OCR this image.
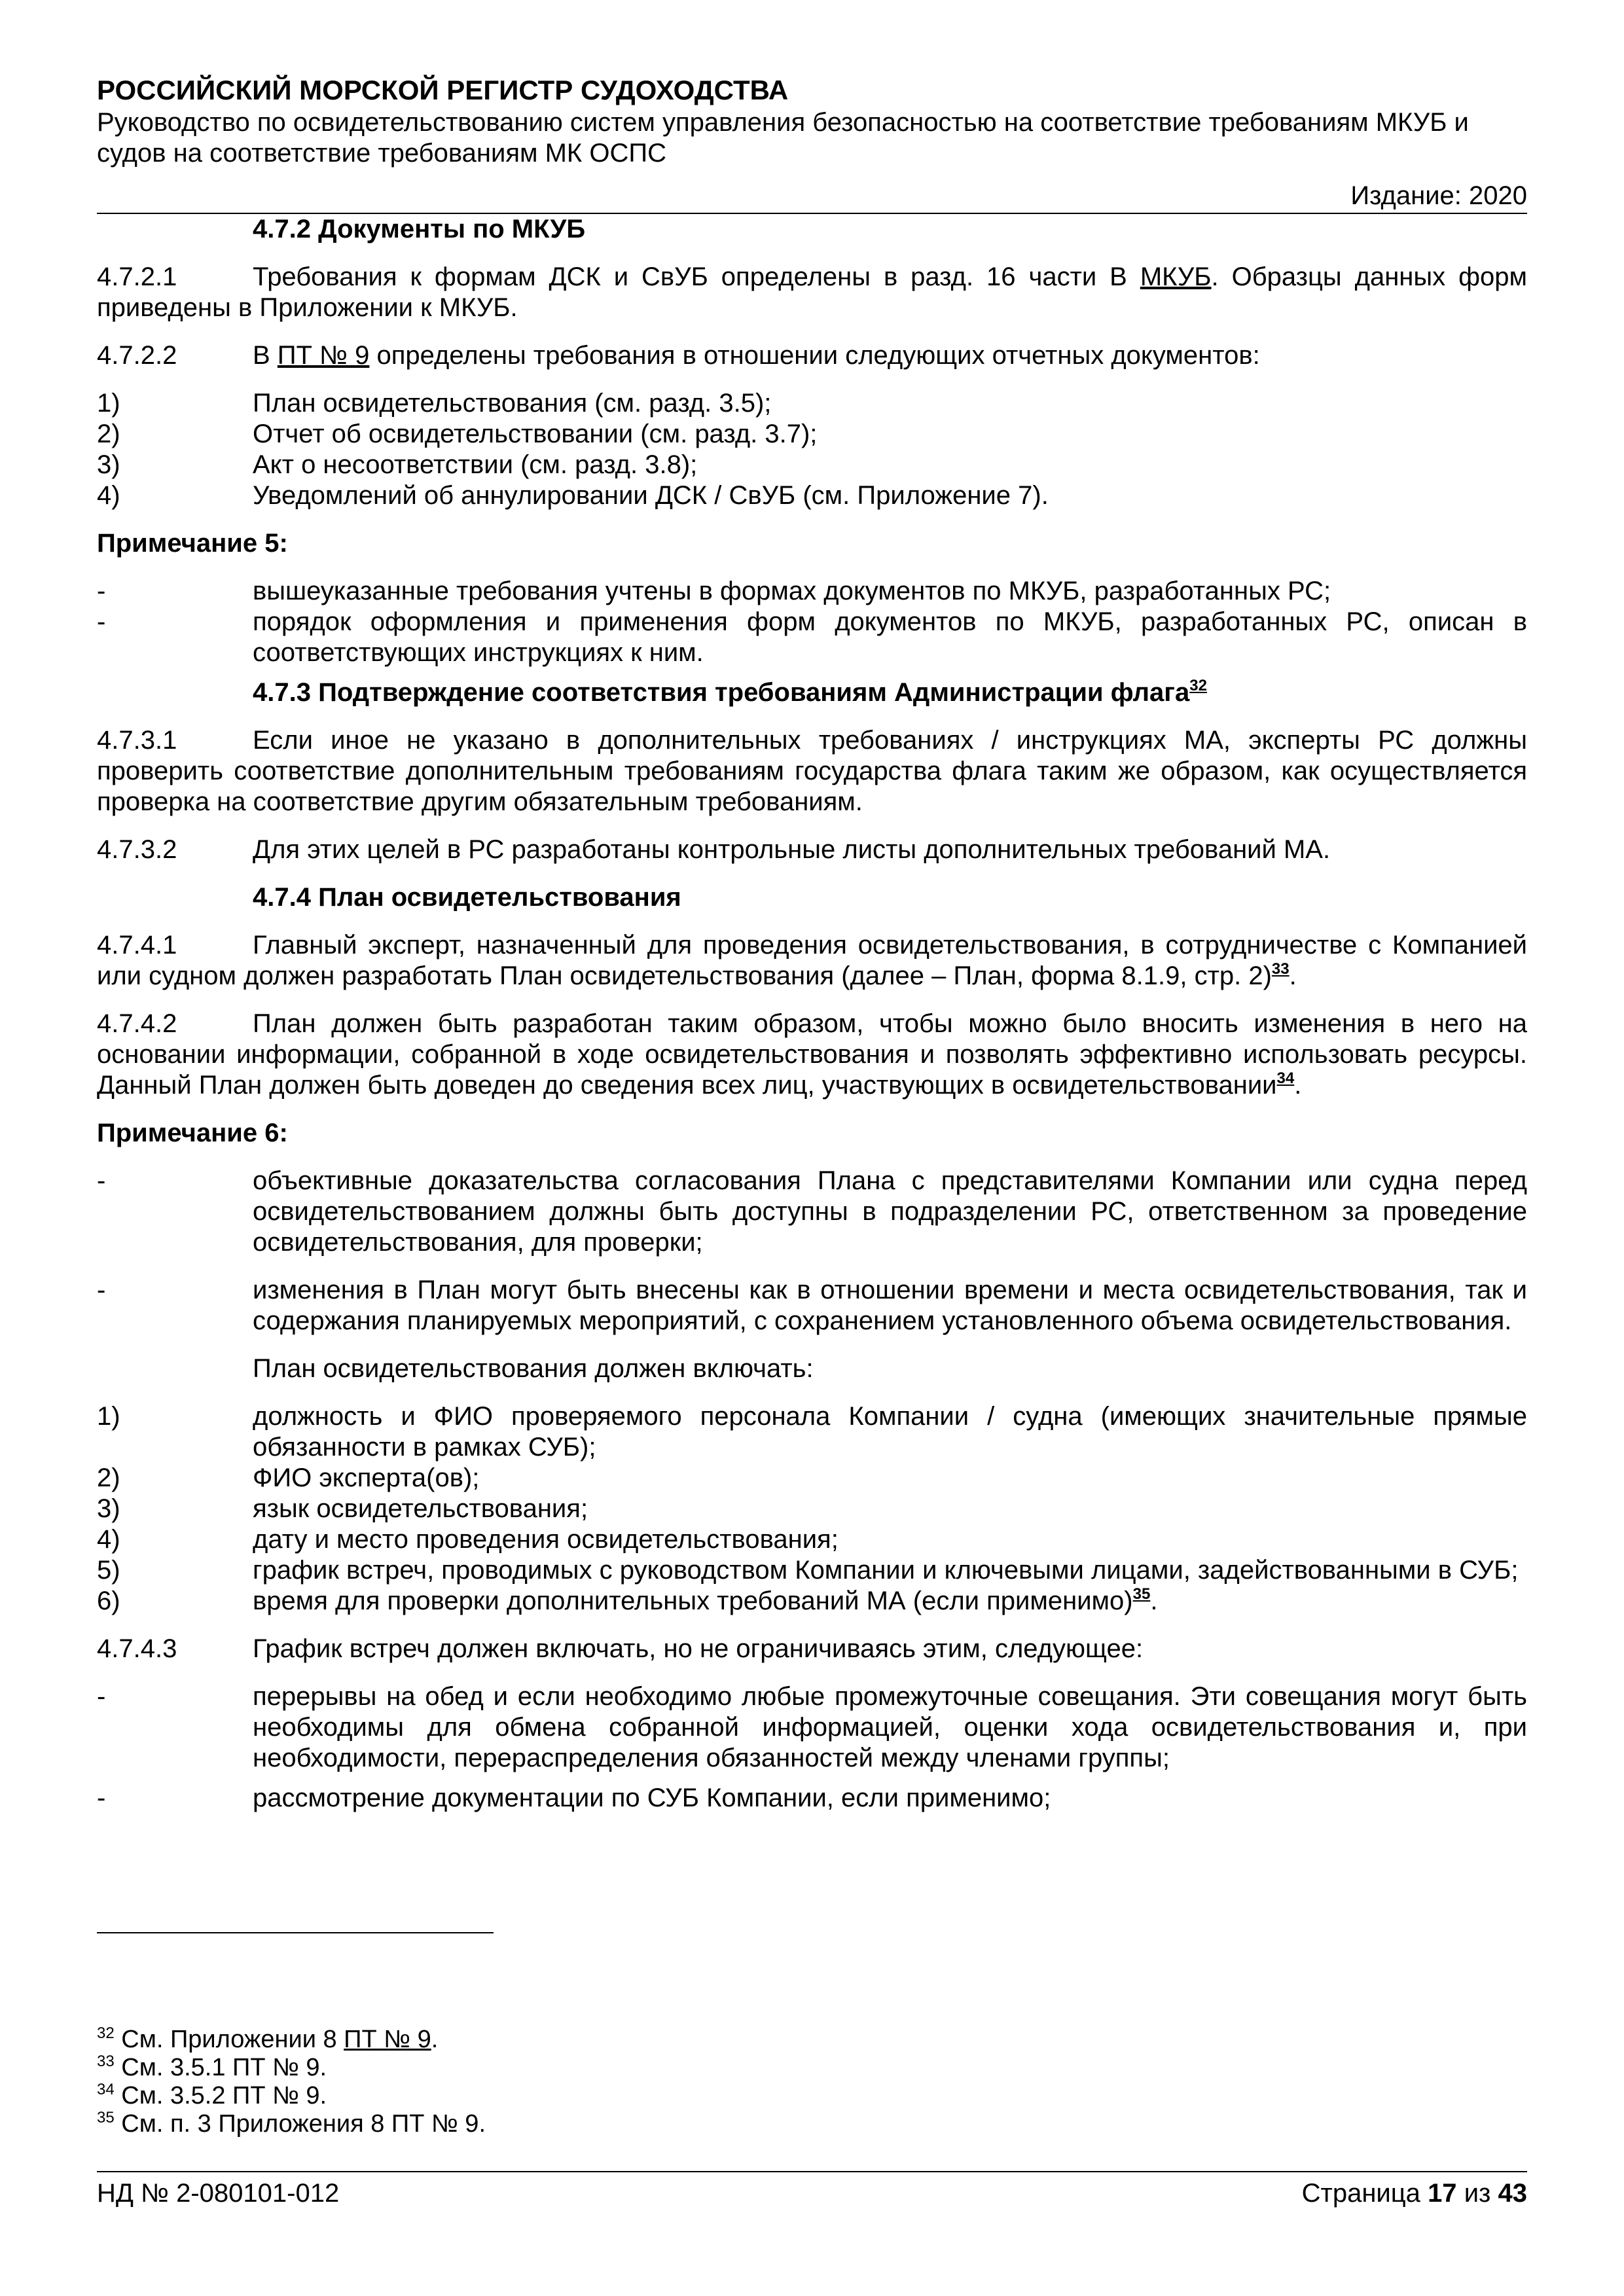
РОССИЙСКИЙ МОРСКОЙ РЕГИСТР СУДОХОДСТВА
Руководство по освидетельствованию систем управления безопасностью на соответствие требованиям МКУБ и судов на соответствие требованиям МК ОСПС
Издание: 2020
4.7.2 Документы по МКУБ
4.7.2.1	Требования к формам ДСК и СвУБ определены в разд. 16 части В МКУБ. Образцы данных форм приведены в Приложении к МКУБ.
4.7.2.2	В ПТ № 9 определены требования в отношении следующих отчетных документов:
1)	План освидетельствования (см. разд. 3.5);
2)	Отчет об освидетельствовании (см. разд. 3.7);
3)	Акт о несоответствии (см. разд. 3.8);
4)	Уведомлений об аннулировании ДСК / СвУБ (см. Приложение 7).
Примечание 5:
-	вышеуказанные требования учтены в формах документов по МКУБ, разработанных РС;
-	порядок оформления и применения форм документов по МКУБ, разработанных РС, описан в соответствующих инструкциях к ним.
4.7.3 Подтверждение соответствия требованиям Администрации флага$^{32}$
4.7.3.1	Если иное не указано в дополнительных требованиях / инструкциях МА, эксперты РС должны проверить соответствие дополнительным требованиям государства флага таким же образом, как осуществляется проверка на соответствие другим обязательным требованиям.
4.7.3.2	Для этих целей в РС разработаны контрольные листы дополнительных требований МА.
4.7.4 План освидетельствования
4.7.4.1	Главный эксперт, назначенный для проведения освидетельствования, в сотрудничестве с Компанией или судном должен разработать План освидетельствования (далее – План, форма 8.1.9, стр. 2)$^{33}$.
4.7.4.2	План должен быть разработан таким образом, чтобы можно было вносить изменения в него на основании информации, собранной в ходе освидетельствования и позволять эффективно использовать ресурсы. Данный План должен быть доведен до сведения всех лиц, участвующих в освидетельствовании$^{34}$.
Примечание 6:
-	объективные доказательства согласования Плана с представителями Компании или судна перед освидетельствованием должны быть доступны в подразделении РС, ответственном за проведение освидетельствования, для проверки;
-	изменения в План могут быть внесены как в отношении времени и места освидетельствования, так и содержания планируемых мероприятий, с сохранением установленного объема освидетельствования.
План освидетельствования должен включать:
1)	должность и ФИО проверяемого персонала Компании / судна (имеющих значительные прямые обязанности в рамках СУБ);
2)	ФИО эксперта(ов);
3)	язык освидетельствования;
4)	дату и место проведения освидетельствования;
5)	график встреч, проводимых с руководством Компании и ключевыми лицами, задействованными в СУБ;
6)	время для проверки дополнительных требований МА (если применимо)$^{35}$.
4.7.4.3	График встреч должен включать, но не ограничиваясь этим, следующее:
-	перерывы на обед и если необходимо любые промежуточные совещания. Эти совещания могут быть необходимы для обмена собранной информацией, оценки хода освидетельствования и, при необходимости, перераспределения обязанностей между членами группы;
-	рассмотрение документации по СУБ Компании, если применимо;
$^{32}$ См. Приложении 8 ПТ № 9.
$^{33}$ См. 3.5.1 ПТ № 9.
$^{34}$ См. 3.5.2 ПТ № 9.
$^{35}$ См. п. 3 Приложения 8 ПТ № 9.
НД № 2-080101-012	Страница 17 из 43
